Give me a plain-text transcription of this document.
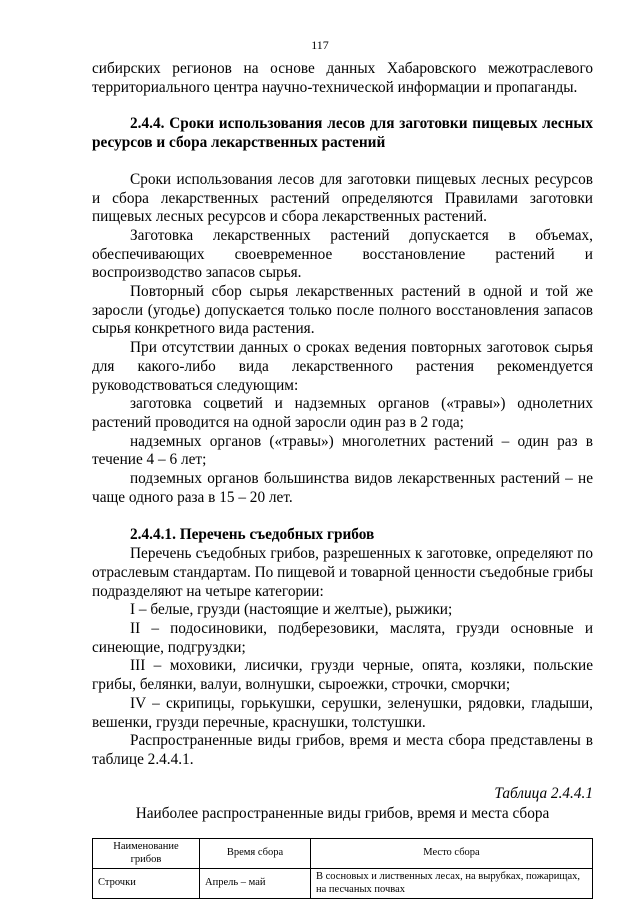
117

сибирских регионов на основе данных Хабаровского межотраслевого территориального центра научно-технической информации и пропаганды.

2.4.4. Сроки использования лесов для заготовки пищевых лесных ресурсов и сбора лекарственных растений

Сроки использования лесов для заготовки пищевых лесных ресурсов и сбора лекарственных растений определяются Правилами заготовки пищевых лесных ресурсов и сбора лекарственных растений.

Заготовка лекарственных растений допускается в объемах, обеспечивающих своевременное восстановление растений и воспроизводство запасов сырья.

Повторный сбор сырья лекарственных растений в одной и той же заросли (угодье) допускается только после полного восстановления запасов сырья конкретного вида растения.

При отсутствии данных о сроках ведения повторных заготовок сырья для какого-либо вида лекарственного растения рекомендуется руководствоваться следующим:

заготовка соцветий и надземных органов («травы») однолетних растений проводится на одной заросли один раз в 2 года;

надземных органов («травы») многолетних растений – один раз в течение 4 – 6 лет;

подземных органов большинства видов лекарственных растений – не чаще одного раза в 15 – 20 лет.

2.4.4.1. Перечень съедобных грибов

Перечень съедобных грибов, разрешенных к заготовке, определяют по отраслевым стандартам. По пищевой и товарной ценности съедобные грибы подразделяют на четыре категории:

I – белые, грузди (настоящие и желтые), рыжики;

II – подосиновики, подберезовики, маслята, грузди основные и синеющие, подгруздки;

III – моховики, лисички, грузди черные, опята, козляки, польские грибы, белянки, валуи, волнушки, сыроежки, строчки, сморчки;

IV – скрипицы, горькушки, серушки, зеленушки, рядовки, гладыши, вешенки, грузди перечные, краснушки, толстушки.

Распространенные виды грибов, время и места сбора представлены в таблице 2.4.4.1.

Таблица 2.4.4.1

Наиболее распространенные виды грибов, время и места сбора

Наименование грибов	Время сбора	Место сбора
Строчки	Апрель – май	В сосновых и лиственных лесах, на вырубках, пожарищах, на песчаных почвах
